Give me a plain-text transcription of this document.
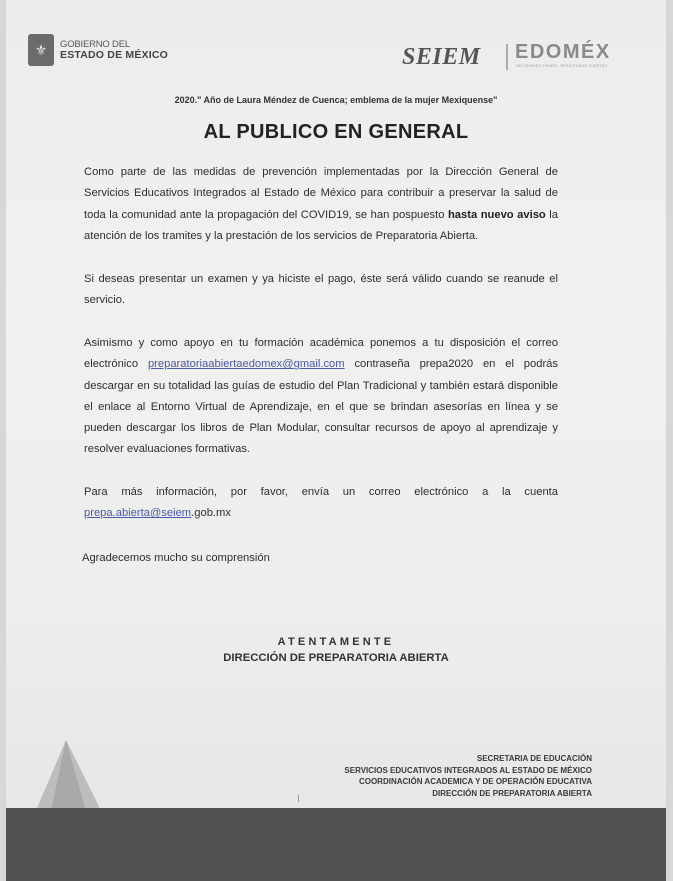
⚜	GOBIERNO DEL
ESTADO DE MÉXICO	SEIEM EDOMÉX
DECISIONES FIRMES, RESULTADOS FUERTES
2020." Año de Laura Méndez de Cuenca; emblema de la mujer Mexiquense"
AL PUBLICO EN GENERAL

Como parte de las medidas de prevención implementadas por la Dirección General de Servicios Educativos Integrados al Estado de México para contribuir a preservar la salud de toda la comunidad ante la propagación del COVID19, se han pospuesto hasta nuevo aviso la atención de los tramites y la prestación de los servicios de Preparatoria Abierta.

Si deseas presentar un examen y ya hiciste el pago, éste será válido cuando se reanude el servicio.

Asimismo y como apoyo en tu formación académica ponemos a tu disposición el correo electrónico preparatoriaabiertaedomex@gmail.com contraseña prepa2020 en el podrás descargar en su totalidad las guías de estudio del Plan Tradicional y también estará disponible el enlace al Entorno Virtual de Aprendizaje, en el que se brindan asesorías en línea y se pueden descargar los libros de Plan Modular, consultar recursos de apoyo al aprendizaje y resolver evaluaciones formativas.

Para más información, por favor, envía un correo electrónico a la cuenta prepa.abierta@seiem.gob.mx

Agradecemos mucho su comprensión

ATENTAMENTE
DIRECCIÓN DE PREPARATORIA ABIERTA
SECRETARIA DE EDUCACIÓN
SERVICIOS EDUCATIVOS INTEGRADOS AL ESTADO DE MÉXICO
COORDINACIÓN ACADEMICA Y DE OPERACIÓN EDUCATIVA
DIRECCIÓN DE PREPARATORIA ABIERTA
